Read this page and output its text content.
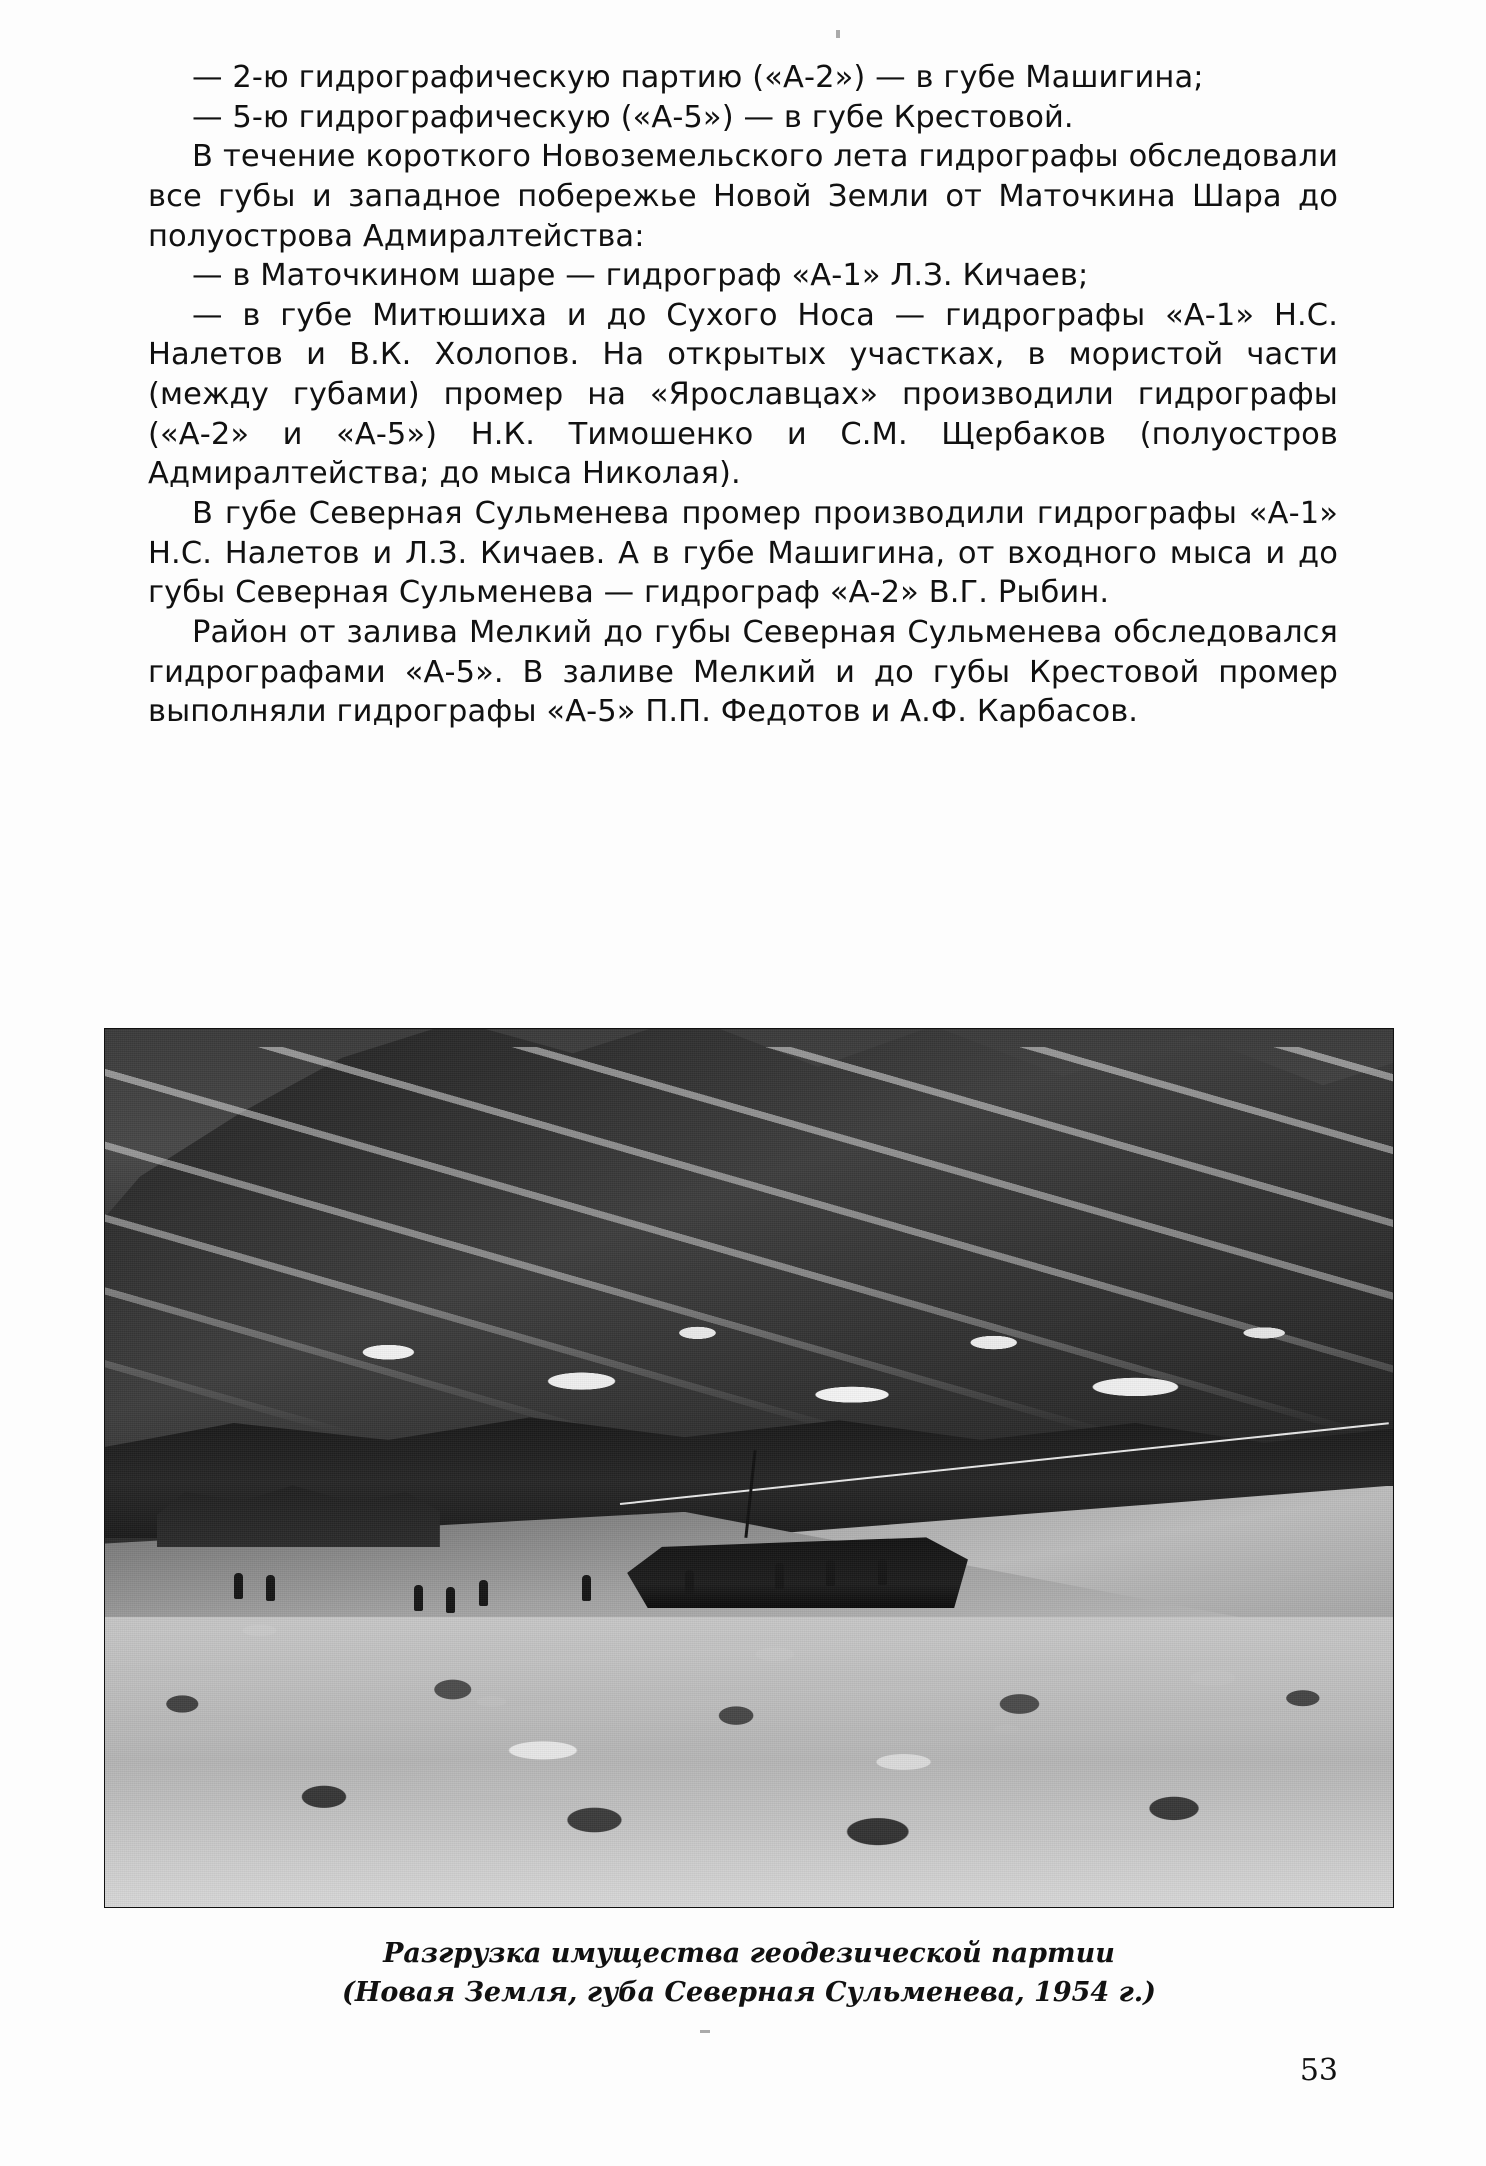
— 2-ю гидрографическую партию («А-2») — в губе Машигина;

— 5-ю гидрографическую («А-5») — в губе Крестовой.

В течение короткого Новоземельского лета гидрографы обследовали все губы и западное побережье Новой Земли от Маточкина Шара до полуострова Адмиралтейства:

— в Маточкином шаре — гидрограф «А-1» Л.З. Кичаев;

— в губе Митюшиха и до Сухого Носа — гидрографы «А-1» Н.С. Налетов и В.К. Холопов. На открытых участках, в мористой части (между губами) промер на «Ярославцах» производили гидрографы («А-2» и «А-5») Н.К. Тимошенко и С.М. Щербаков (полуостров Адмиралтейства; до мыса Николая).

В губе Северная Сульменева промер производили гидрографы «А-1» Н.С. Налетов и Л.З. Кичаев. А в губе Машигина, от входного мыса и до губы Северная Сульменева — гидрограф «А-2» В.Г. Рыбин.

Район от залива Мелкий до губы Северная Сульменева обследовался гидрографами «А-5». В заливе Мелкий и до губы Крестовой промер выполняли гидрографы «А-5» П.П. Федотов и А.Ф. Карбасов.

Разгрузка имущества геодезической партии
(Новая Земля, губа Северная Сульменева, 1954 г.)
53
